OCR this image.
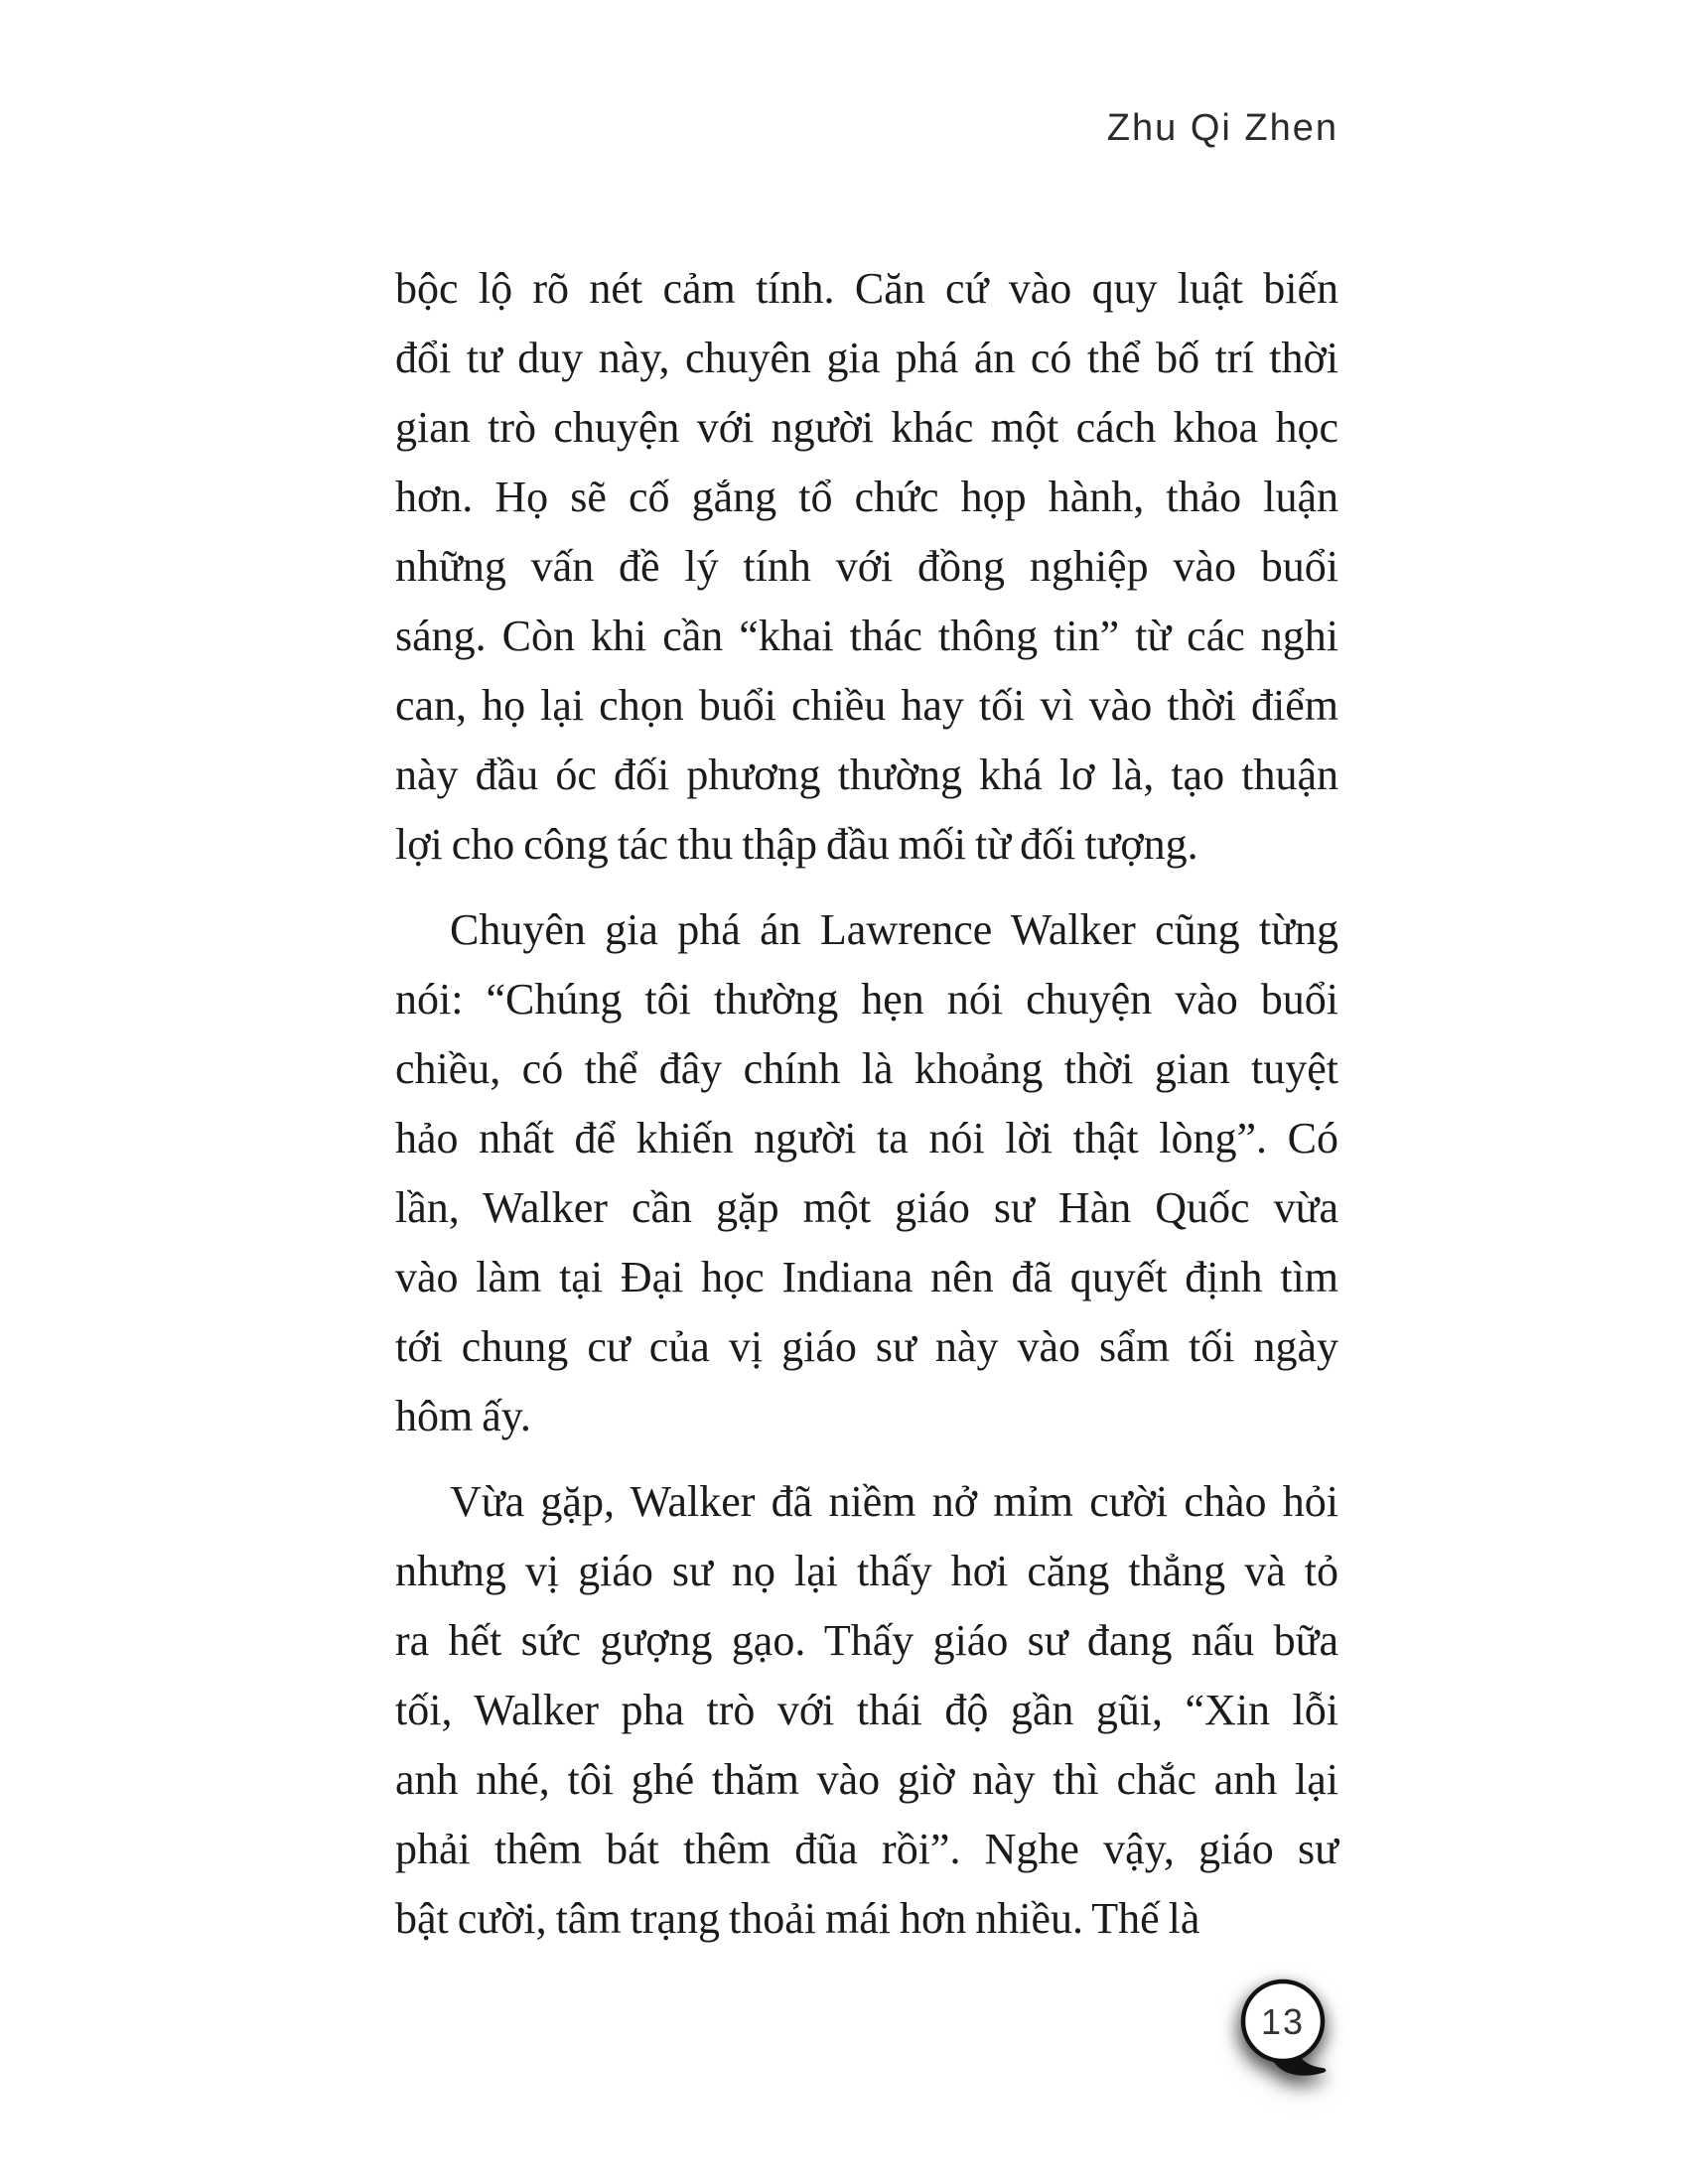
Zhu Qi Zhen
bộc lộ rõ nét cảm tính. Căn cứ vào quy luật biến
đổi tư duy này, chuyên gia phá án có thể bố trí thời
gian trò chuyện với người khác một cách khoa học
hơn. Họ sẽ cố gắng tổ chức họp hành, thảo luận
những vấn đề lý tính với đồng nghiệp vào buổi
sáng. Còn khi cần “khai thác thông tin” từ các nghi
can, họ lại chọn buổi chiều hay tối vì vào thời điểm
này đầu óc đối phương thường khá lơ là, tạo thuận
lợi cho công tác thu thập đầu mối từ đối tượng.
Chuyên gia phá án Lawrence Walker cũng từng
nói: “Chúng tôi thường hẹn nói chuyện vào buổi
chiều, có thể đây chính là khoảng thời gian tuyệt
hảo nhất để khiến người ta nói lời thật lòng”. Có
lần, Walker cần gặp một giáo sư Hàn Quốc vừa
vào làm tại Đại học Indiana nên đã quyết định tìm
tới chung cư của vị giáo sư này vào sẩm tối ngày
hôm ấy.
Vừa gặp, Walker đã niềm nở mỉm cười chào hỏi
nhưng vị giáo sư nọ lại thấy hơi căng thẳng và tỏ
ra hết sức gượng gạo. Thấy giáo sư đang nấu bữa
tối, Walker pha trò với thái độ gần gũi, “Xin lỗi
anh nhé, tôi ghé thăm vào giờ này thì chắc anh lại
phải thêm bát thêm đũa rồi”. Nghe vậy, giáo sư
bật cười, tâm trạng thoải mái hơn nhiều. Thế là
13
